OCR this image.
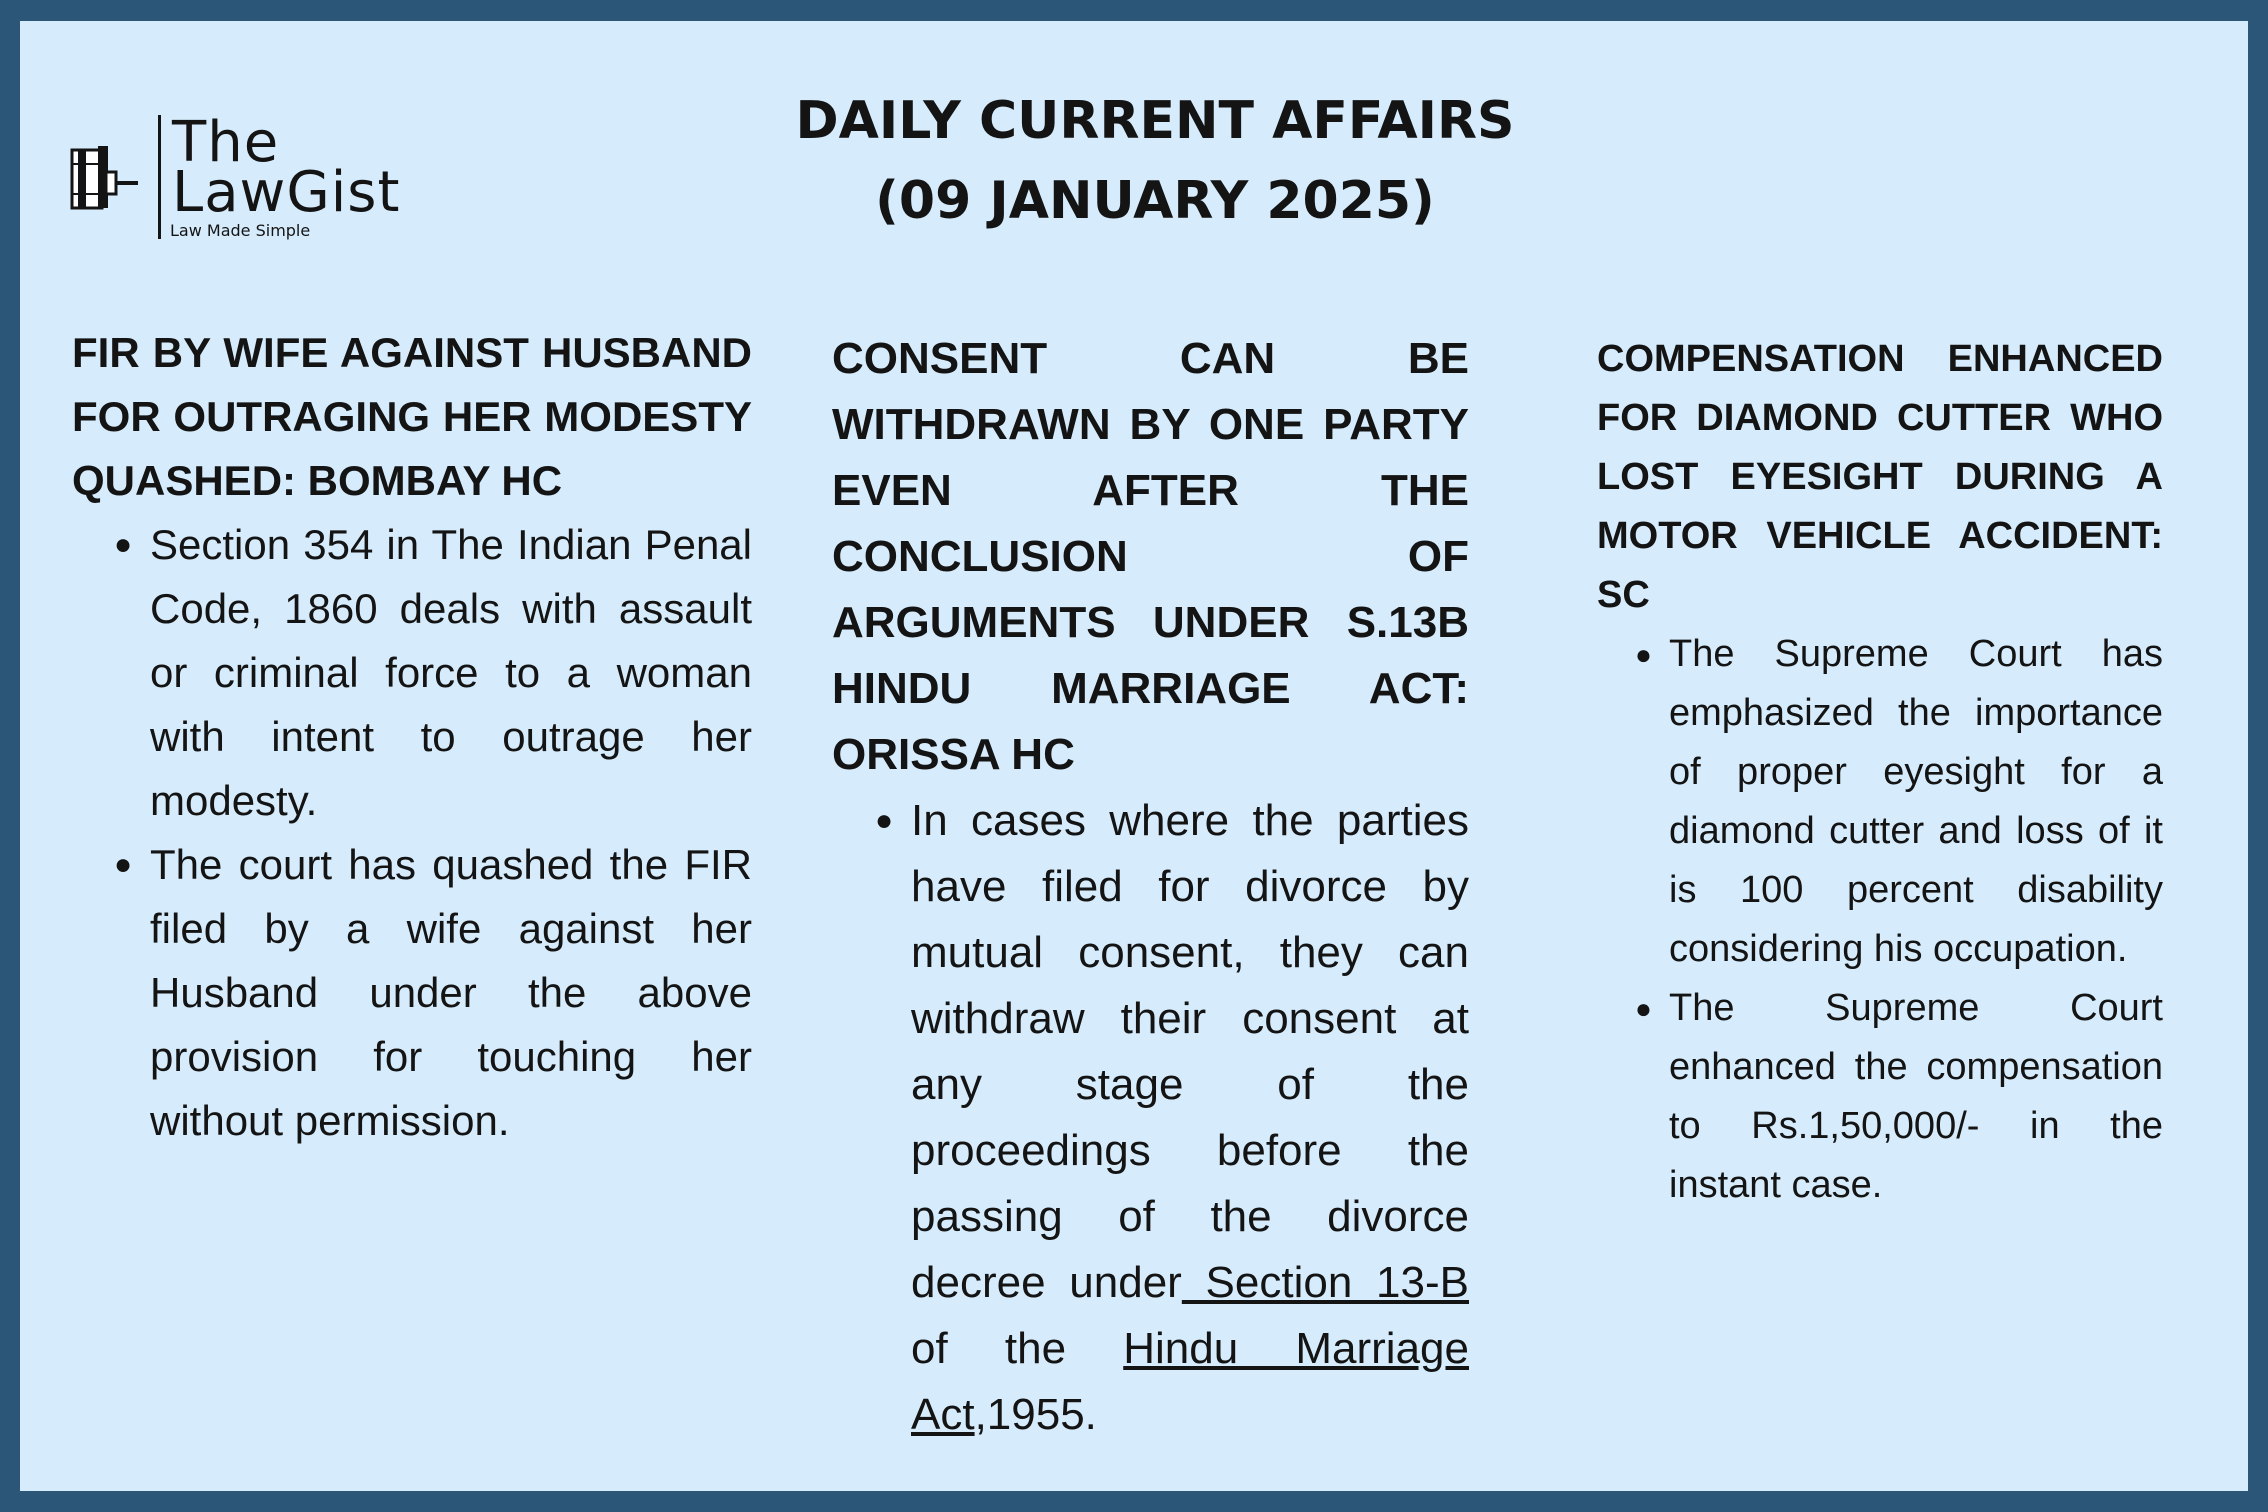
The
LawGist
Law Made Simple
DAILY CURRENT AFFAIRS
(09 JANUARY 2025)
FIR BY WIFE AGAINST HUSBAND FOR OUTRAGING HER MODESTY QUASHED: BOMBAY HC
● Section 354 in The Indian Penal Code, 1860 deals with assault or criminal force to a woman with intent to outrage her modesty.
● The court has quashed the FIR filed by a wife against her Husband under the above provision for touching her without permission.
CONSENT CAN BE WITHDRAWN BY ONE PARTY EVEN AFTER THE CONCLUSION OF ARGUMENTS UNDER S.13B HINDU MARRIAGE ACT: ORISSA HC
● In cases where the parties have filed for divorce by mutual consent, they can withdraw their consent at any stage of the proceedings before the passing of the divorce decree under Section 13-B of the Hindu Marriage Act,1955.
COMPENSATION ENHANCED FOR DIAMOND CUTTER WHO LOST EYESIGHT DURING A MOTOR VEHICLE ACCIDENT: SC
● The Supreme Court has emphasized the importance of proper eyesight for a diamond cutter and loss of it is 100 percent disability considering his occupation.
● The Supreme Court enhanced the compensation to Rs.1,50,000/- in the instant case.
